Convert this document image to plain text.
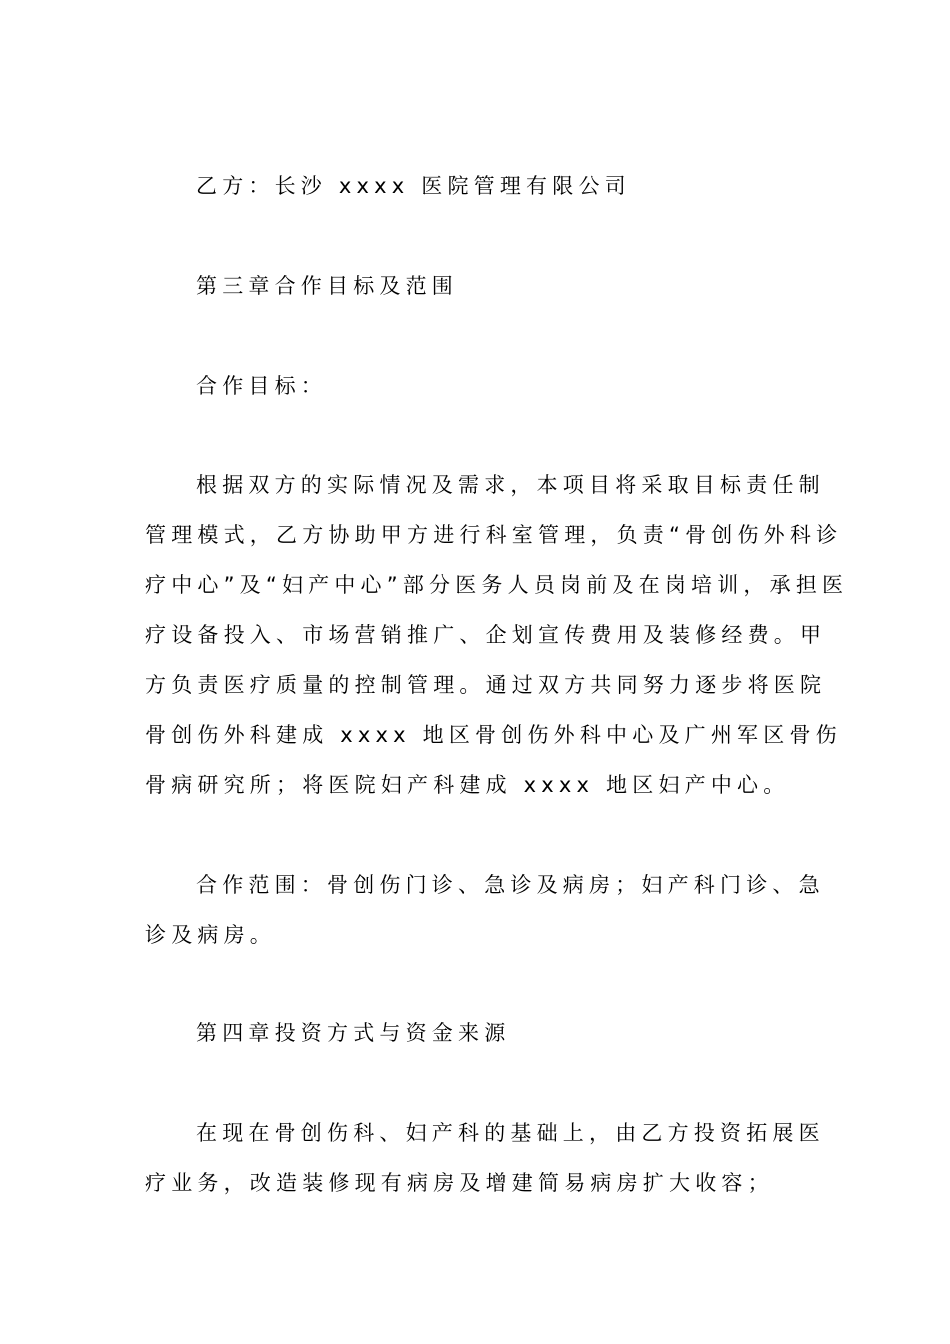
乙方：长沙 xxxx 医院管理有限公司

第三章合作目标及范围

合作目标：

根据双方的实际情况及需求，本项目将采取目标责任制

管理模式，乙方协助甲方进行科室管理，负责“骨创伤外科诊

疗中心”及“妇产中心”部分医务人员岗前及在岗培训，承担医

疗设备投入、市场营销推广、企划宣传费用及装修经费。甲

方负责医疗质量的控制管理。通过双方共同努力逐步将医院

骨创伤外科建成 xxxx 地区骨创伤外科中心及广州军区骨伤

骨病研究所；将医院妇产科建成 xxxx 地区妇产中心。

合作范围：骨创伤门诊、急诊及病房；妇产科门诊、急

诊及病房。

第四章投资方式与资金来源

在现在骨创伤科、妇产科的基础上，由乙方投资拓展医

疗业务，改造装修现有病房及增建简易病房扩大收容；
